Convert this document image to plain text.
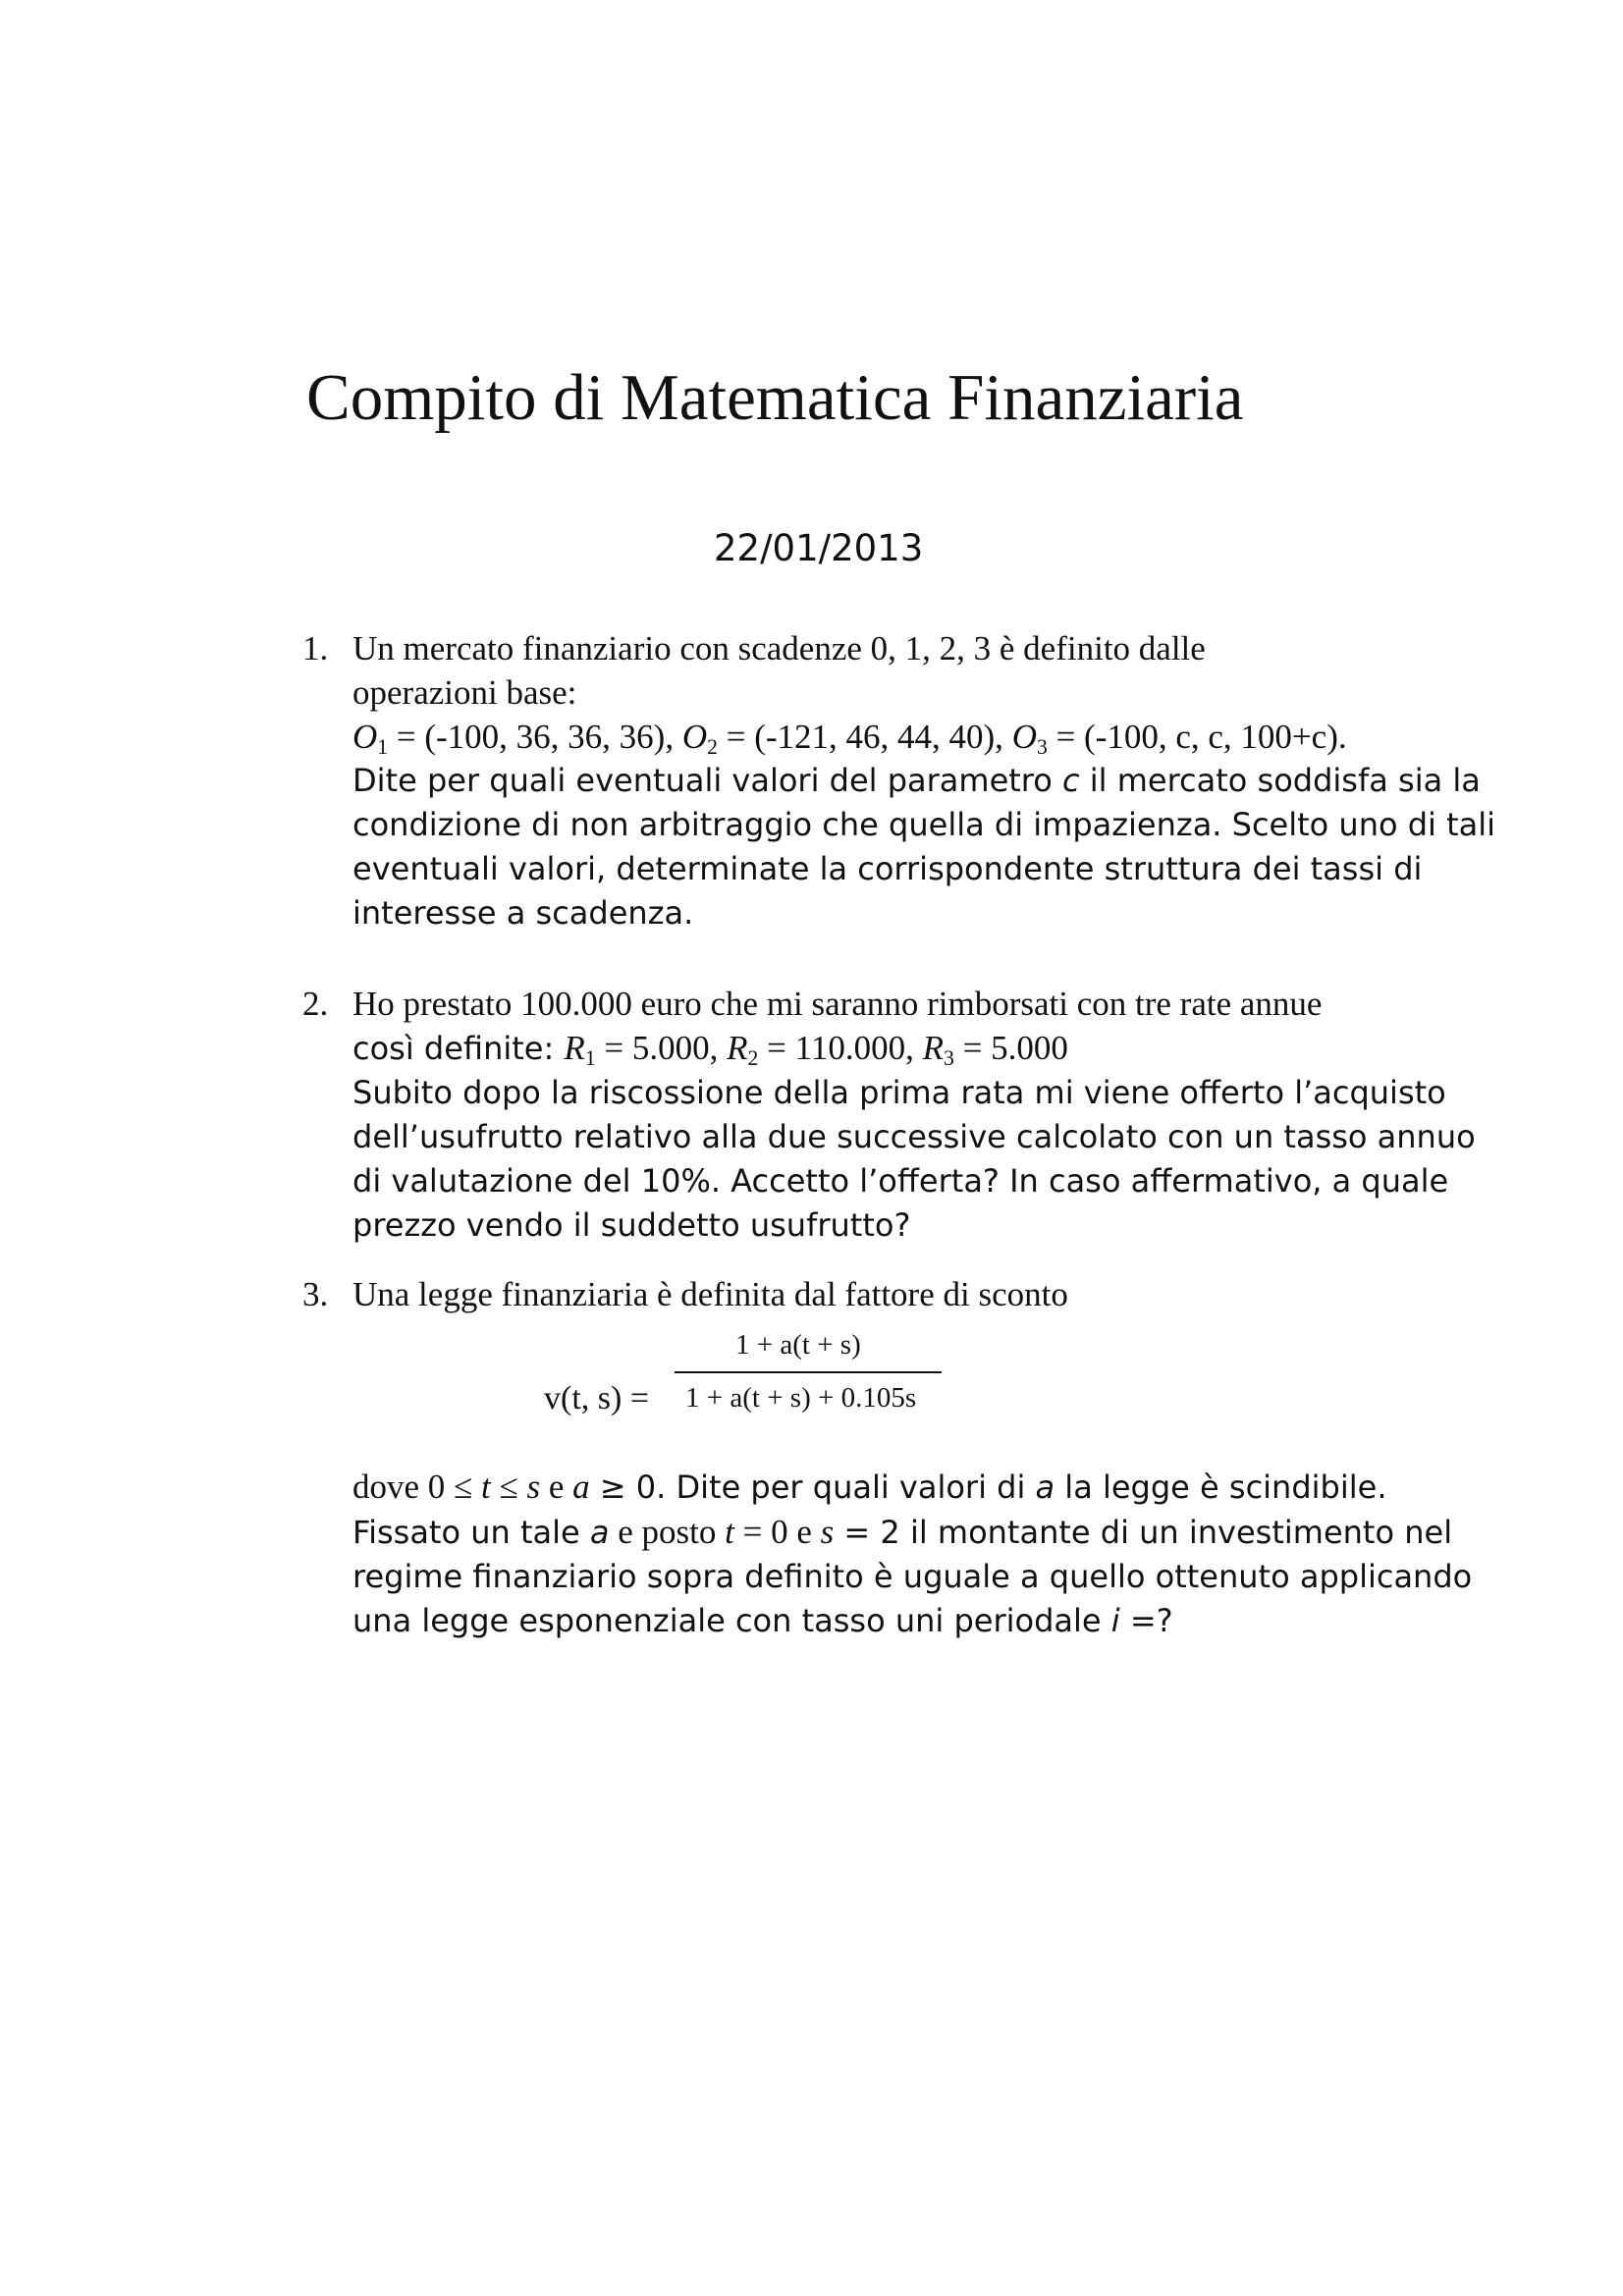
Compito di Matematica Finanziaria
22/01/2013
1. Un mercato finanziario con scadenze 0, 1, 2, 3 è definito dalle
operazioni base:
$O_1 = (-100$, 36, 36, 36), $O_2 = (-121$, 46, 44, 40), $O_3 = (-100$, c, c, 100+c).
Dite per quali eventuali valori del parametro c il mercato soddisfa sia la
condizione di non arbitraggio che quella di impazienza. Scelto uno di tali
eventuali valori, determinate la corrispondente struttura dei tassi di
interesse a scadenza.
2. Ho prestato 100.000 euro che mi saranno rimborsati con tre rate annue
così definite: $R_1 = 5.000$, $R_2 = 110.000$, $R_3 = 5.000$
Subito dopo la riscossione della prima rata mi viene offerto l’acquisto
dell’usufrutto relativo alla due successive calcolato con un tasso annuo
di valutazione del 10%. Accetto l’offerta? In caso affermativo, a quale
prezzo vendo il suddetto usufrutto?
3. Una legge finanziaria è definita dal fattore di sconto
v(t, s) =
1 + a(t + s)
1 + a(t + s) + 0.105s
dove 0 ≤ t ≤ s e a ≥ 0. Dite per quali valori di a la legge è scindibile.
Fissato un tale a e posto t = 0 e s = 2 il montante di un investimento nel
regime finanziario sopra definito è uguale a quello ottenuto applicando
una legge esponenziale con tasso uni periodale i =?
